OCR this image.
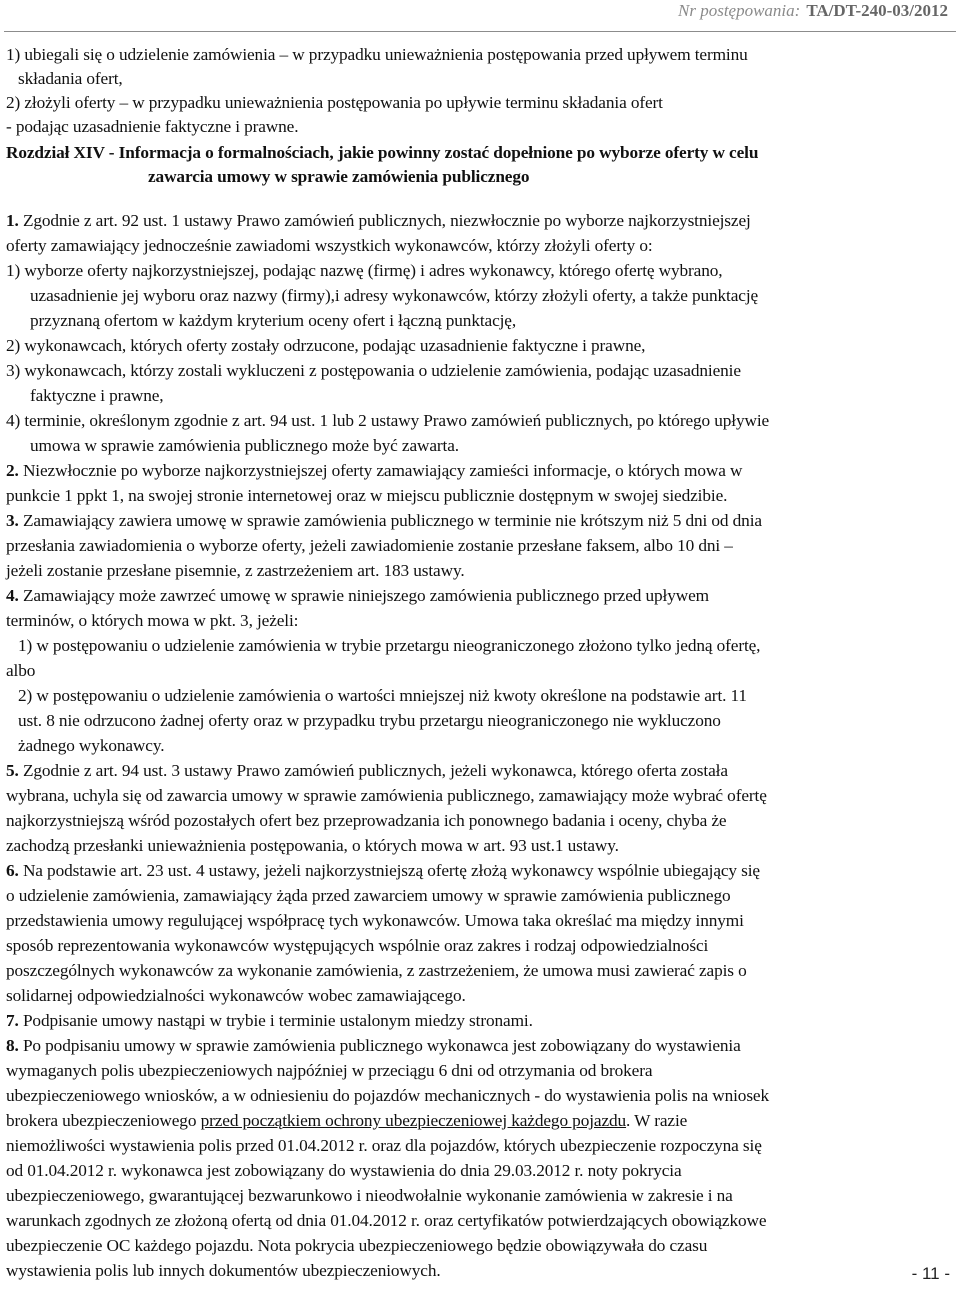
Nr postępowania: TA/DT-240-03/2012
1) ubiegali się o udzielenie zamówienia – w przypadku unieważnienia postępowania przed upływem terminu
składania ofert,
2) złożyli oferty – w przypadku unieważnienia postępowania po upływie terminu składania ofert
- podając uzasadnienie faktyczne i prawne.
Rozdział XIV - Informacja o formalnościach, jakie powinny zostać dopełnione po wyborze oferty w celu
zawarcia umowy w sprawie zamówienia publicznego
1. Zgodnie z art. 92 ust. 1 ustawy Prawo zamówień publicznych, niezwłocznie po wyborze najkorzystniejszej
oferty zamawiający jednocześnie zawiadomi wszystkich wykonawców, którzy złożyli oferty o:
1) wyborze oferty najkorzystniejszej, podając nazwę (firmę) i adres wykonawcy, którego ofertę wybrano,
uzasadnienie jej wyboru oraz nazwy (firmy),i adresy wykonawców, którzy złożyli oferty, a także punktację
przyznaną ofertom w każdym kryterium oceny ofert i łączną punktację,
2) wykonawcach, których oferty zostały odrzucone, podając uzasadnienie faktyczne i prawne,
3) wykonawcach, którzy zostali wykluczeni z postępowania o udzielenie zamówienia, podając uzasadnienie
faktyczne i prawne,
4) terminie, określonym zgodnie z art. 94 ust. 1 lub 2 ustawy Prawo zamówień publicznych, po którego upływie
umowa w sprawie zamówienia publicznego może być zawarta.
2. Niezwłocznie po wyborze najkorzystniejszej oferty zamawiający zamieści informacje, o których mowa w
punkcie 1 ppkt 1, na swojej stronie internetowej oraz w miejscu publicznie dostępnym w swojej siedzibie.
3. Zamawiający zawiera umowę w sprawie zamówienia publicznego w terminie nie krótszym niż 5 dni od dnia
przesłania zawiadomienia o wyborze oferty, jeżeli zawiadomienie zostanie przesłane faksem, albo 10 dni –
jeżeli zostanie przesłane pisemnie, z zastrzeżeniem art. 183 ustawy.
4. Zamawiający może zawrzeć umowę w sprawie niniejszego zamówienia publicznego przed upływem
terminów, o których mowa w pkt. 3, jeżeli:
1) w postępowaniu o udzielenie zamówienia w trybie przetargu nieograniczonego złożono tylko jedną ofertę,
albo
2) w postępowaniu o udzielenie zamówienia o wartości mniejszej niż kwoty określone na podstawie art. 11
ust. 8 nie odrzucono żadnej oferty oraz w przypadku trybu przetargu nieograniczonego nie wykluczono
żadnego wykonawcy.
5. Zgodnie z art. 94 ust. 3 ustawy Prawo zamówień publicznych, jeżeli wykonawca, którego oferta została
wybrana, uchyla się od zawarcia umowy w sprawie zamówienia publicznego, zamawiający może wybrać ofertę
najkorzystniejszą wśród pozostałych ofert bez przeprowadzania ich ponownego badania i oceny, chyba że
zachodzą przesłanki unieważnienia postępowania, o których mowa w art. 93 ust.1 ustawy.
6. Na podstawie art. 23 ust. 4 ustawy, jeżeli najkorzystniejszą ofertę złożą wykonawcy wspólnie ubiegający się
o udzielenie zamówienia, zamawiający żąda przed zawarciem umowy w sprawie zamówienia publicznego
przedstawienia umowy regulującej współpracę tych wykonawców. Umowa taka określać ma między innymi
sposób reprezentowania wykonawców występujących wspólnie oraz zakres i rodzaj odpowiedzialności
poszczególnych wykonawców za wykonanie zamówienia, z zastrzeżeniem, że umowa musi zawierać zapis o
solidarnej odpowiedzialności wykonawców wobec zamawiającego.
7. Podpisanie umowy nastąpi w trybie i terminie ustalonym miedzy stronami.
8. Po podpisaniu umowy w sprawie zamówienia publicznego wykonawca jest zobowiązany do wystawienia
wymaganych polis ubezpieczeniowych najpóźniej w przeciągu 6 dni od otrzymania od brokera
ubezpieczeniowego wniosków, a w odniesieniu do pojazdów mechanicznych - do wystawienia polis na wniosek
brokera ubezpieczeniowego przed początkiem ochrony ubezpieczeniowej każdego pojazdu. W razie
niemożliwości wystawienia polis przed 01.04.2012 r. oraz dla pojazdów, których ubezpieczenie rozpoczyna się
od 01.04.2012 r. wykonawca jest zobowiązany do wystawienia do dnia 29.03.2012 r. noty pokrycia
ubezpieczeniowego, gwarantującej bezwarunkowo i nieodwołalnie wykonanie zamówienia w zakresie i na
warunkach zgodnych ze złożoną ofertą od dnia 01.04.2012 r. oraz certyfikatów potwierdzających obowiązkowe
ubezpieczenie OC każdego pojazdu. Nota pokrycia ubezpieczeniowego będzie obowiązywała do czasu
wystawienia polis lub innych dokumentów ubezpieczeniowych.	- 11 -
